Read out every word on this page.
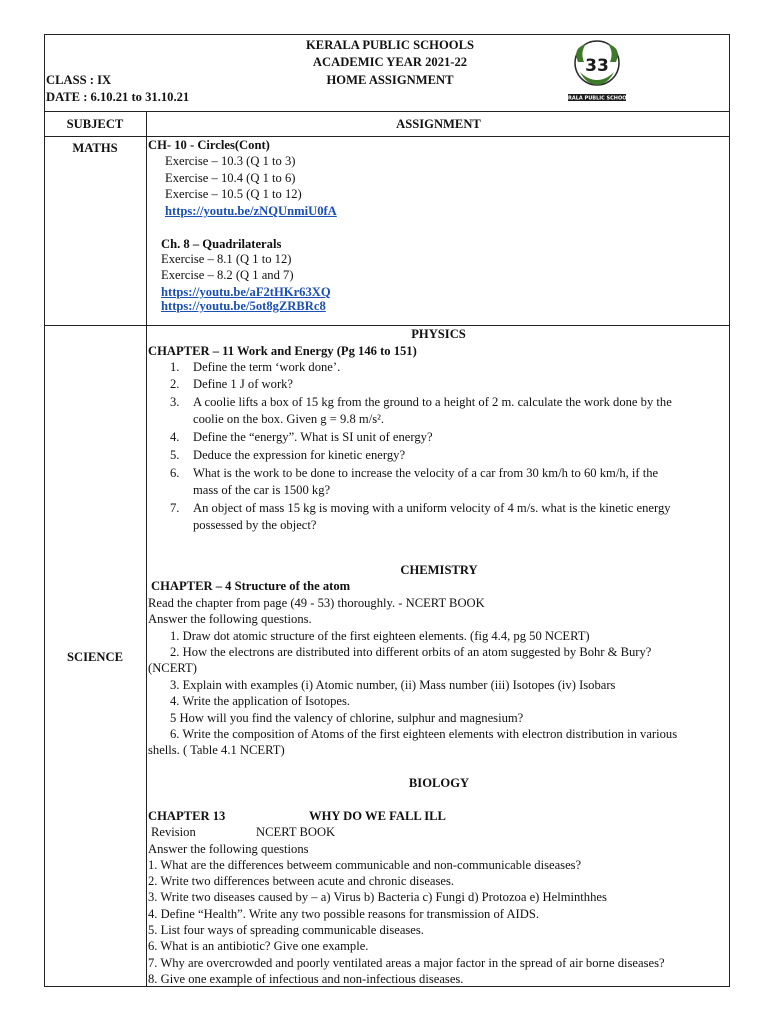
KERALA PUBLIC SCHOOLS
ACADEMIC YEAR 2021-22
HOME ASSIGNMENT
CLASS : IX
DATE : 6.10.21 to 31.10.21
33
KERALA PUBLIC SCHOOLS
SUBJECT	ASSIGNMENT
MATHS	CH- 10 - Circles(Cont)
Exercise – 10.3 (Q 1 to 3)
Exercise – 10.4 (Q 1 to 6)
Exercise – 10.5 (Q 1 to 12)
https://youtu.be/zNQUnmiU0fA
Ch. 8 – Quadrilaterals
Exercise – 8.1 (Q 1 to 12)
Exercise – 8.2 (Q 1 and 7)
https://youtu.be/aF2tHKr63XQ
https://youtu.be/5ot8gZRBRc8
SCIENCE
PHYSICS
CHAPTER – 11 Work and Energy (Pg 146 to 151)
1. Define the term ‘work done’.
2. Define 1 J of work?
3. A coolie lifts a box of 15 kg from the ground to a height of 2 m. calculate the work done by the
coolie on the box. Given g = 9.8 m/s².
4. Define the “energy”. What is SI unit of energy?
5. Deduce the expression for kinetic energy?
6. What is the work to be done to increase the velocity of a car from 30 km/h to 60 km/h, if the
mass of the car is 1500 kg?
7. An object of mass 15 kg is moving with a uniform velocity of 4 m/s. what is the kinetic energy
possessed by the object?
CHEMISTRY
CHAPTER – 4 Structure of the atom
Read the chapter from page (49 - 53) thoroughly. - NCERT BOOK
Answer the following questions.
1. Draw dot atomic structure of the first eighteen elements. (fig 4.4, pg 50 NCERT)
2. How the electrons are distributed into different orbits of an atom suggested by Bohr & Bury?
(NCERT)
3. Explain with examples (i) Atomic number, (ii) Mass number (iii) Isotopes (iv) Isobars
4. Write the application of Isotopes.
5 How will you find the valency of chlorine, sulphur and magnesium?
6. Write the composition of Atoms of the first eighteen elements with electron distribution in various
shells. ( Table 4.1 NCERT)
BIOLOGY
CHAPTER 13	WHY DO WE FALL ILL
Revision	NCERT BOOK
Answer the following questions
1. What are the differences betweem communicable and non-communicable diseases?
2. Write two differences between acute and chronic diseases.
3. Write two diseases caused by – a) Virus b) Bacteria c) Fungi d) Protozoa e) Helminthhes
4. Define “Health”. Write any two possible reasons for transmission of AIDS.
5. List four ways of spreading communicable diseases.
6. What is an antibiotic? Give one example.
7. Why are overcrowded and poorly ventilated areas a major factor in the spread of air borne diseases?
8. Give one example of infectious and non-infectious diseases.
